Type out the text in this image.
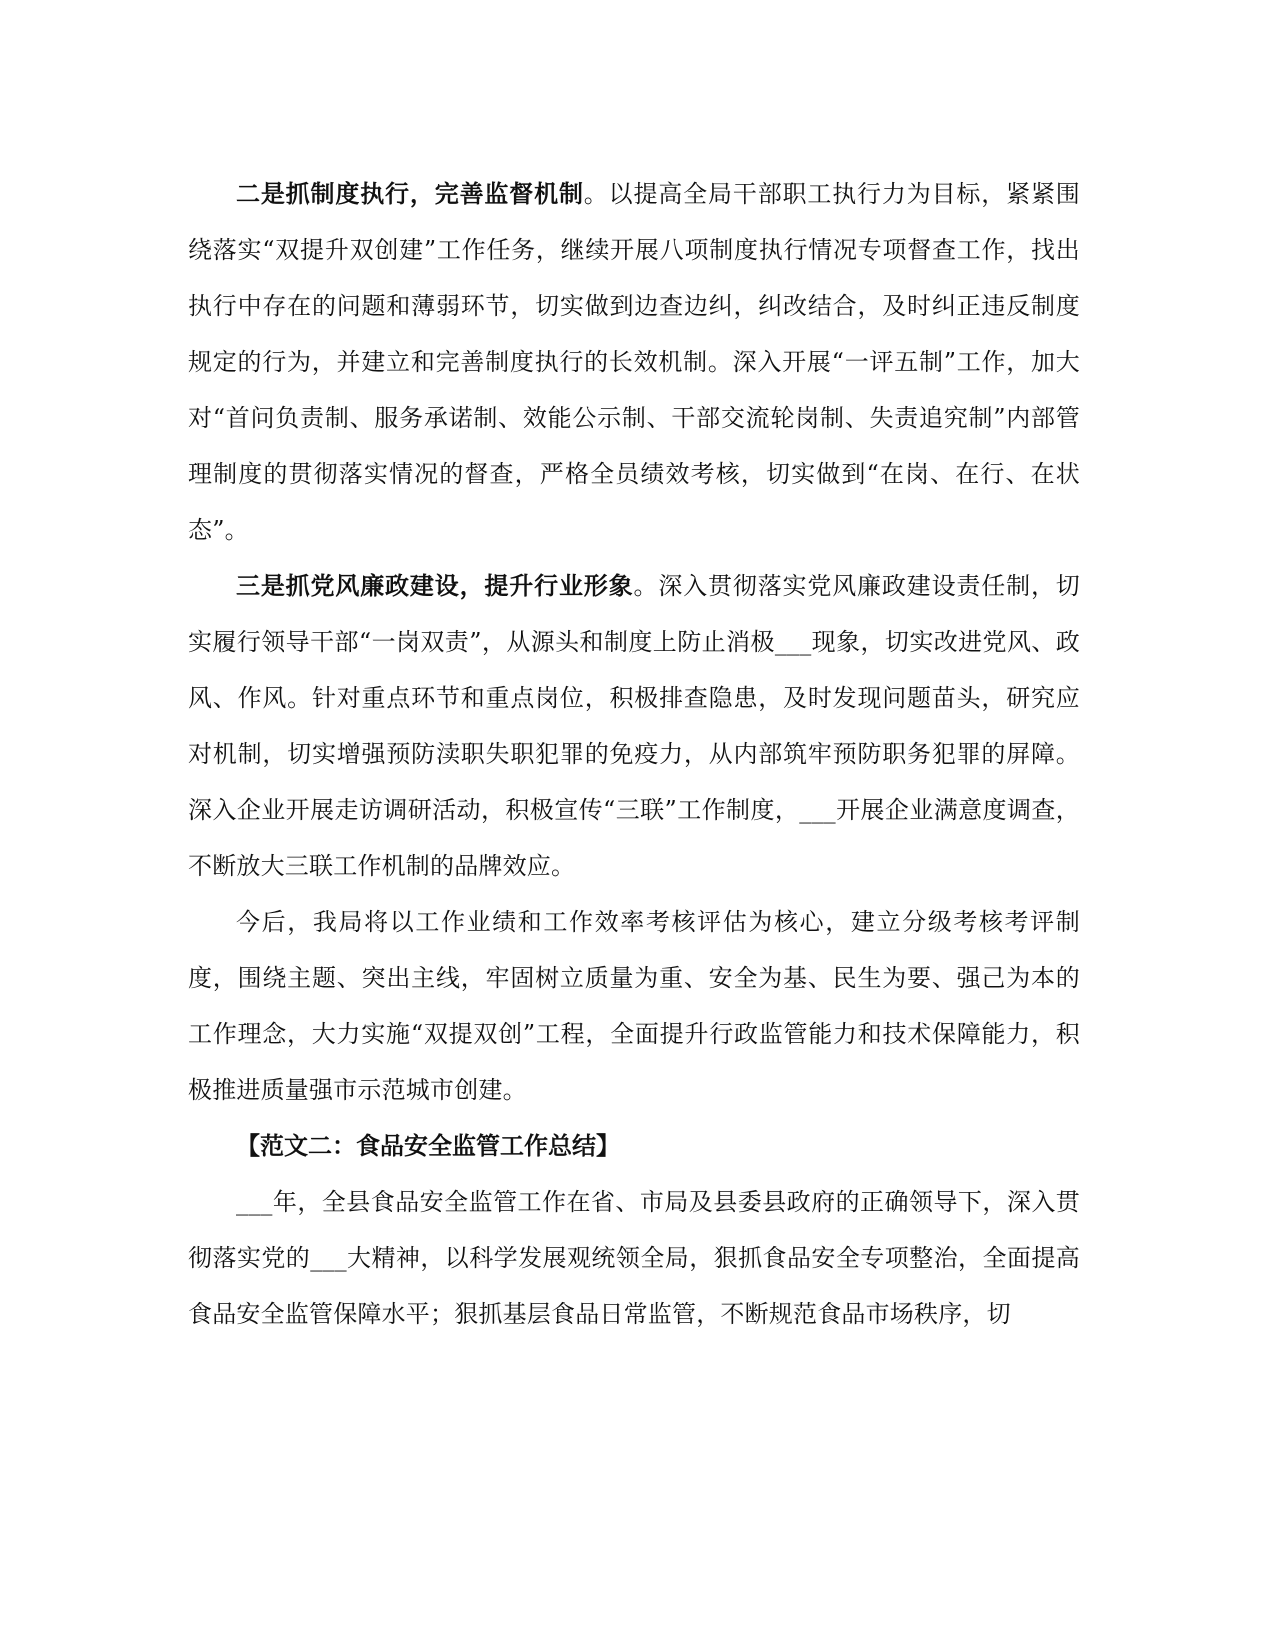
二是抓制度执行，完善监督机制。以提高全局干部职工执行力为目标，紧紧围绕落实“双提升双创建”工作任务，继续开展八项制度执行情况专项督查工作，找出执行中存在的问题和薄弱环节，切实做到边查边纠，纠改结合，及时纠正违反制度规定的行为，并建立和完善制度执行的长效机制。深入开展“一评五制”工作，加大对“首问负责制、服务承诺制、效能公示制、干部交流轮岗制、失责追究制”内部管理制度的贯彻落实情况的督查，严格全员绩效考核，切实做到“在岗、在行、在状态”。

三是抓党风廉政建设，提升行业形象。深入贯彻落实党风廉政建设责任制，切实履行领导干部“一岗双责”，从源头和制度上防止消极___现象，切实改进党风、政风、作风。针对重点环节和重点岗位，积极排查隐患，及时发现问题苗头，研究应对机制，切实增强预防渎职失职犯罪的免疫力，从内部筑牢预防职务犯罪的屏障。深入企业开展走访调研活动，积极宣传“三联”工作制度，___开展企业满意度调查，不断放大三联工作机制的品牌效应。

今后，我局将以工作业绩和工作效率考核评估为核心，建立分级考核考评制度，围绕主题、突出主线，牢固树立质量为重、安全为基、民生为要、强己为本的工作理念，大力实施“双提双创”工程，全面提升行政监管能力和技术保障能力，积极推进质量强市示范城市创建。

【范文二：食品安全监管工作总结】

___年，全县食品安全监管工作在省、市局及县委县政府的正确领导下，深入贯彻落实党的___大精神，以科学发展观统领全局，狠抓食品安全专项整治，全面提高食品安全监管保障水平；狠抓基层食品日常监管，不断规范食品市场秩序，切
